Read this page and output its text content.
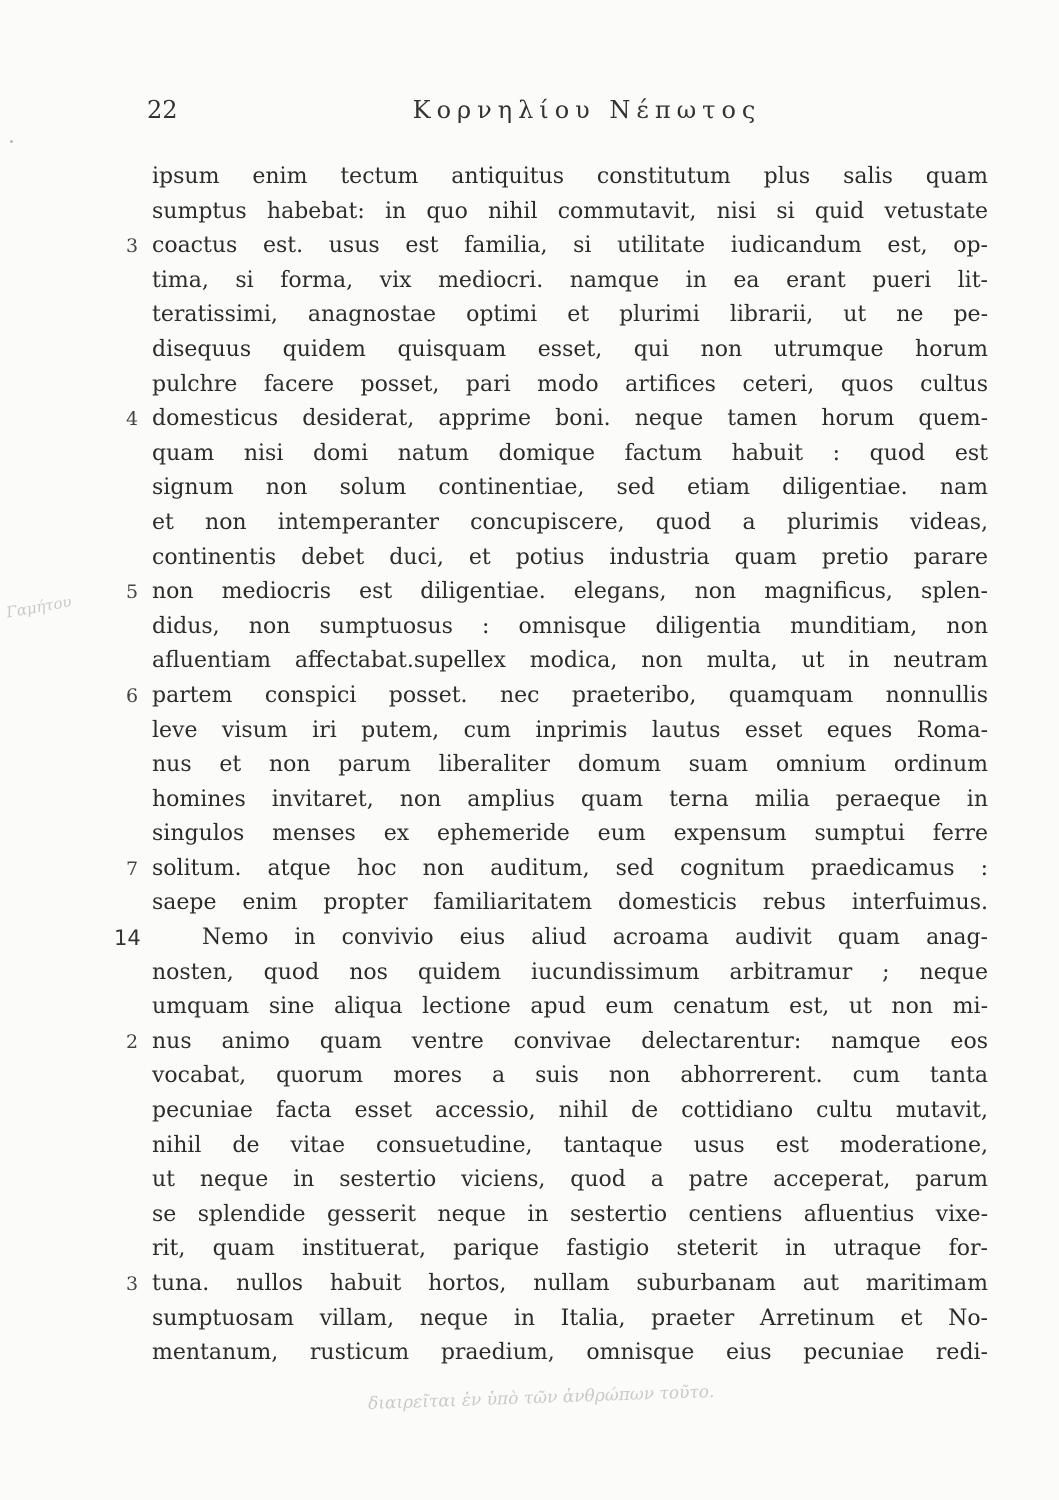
22	Κορνηλίου Νέπωτος
ipsum enim tectum antiquitus constitutum plus salis quam
sumptus habebat: in quo nihil commutavit, nisi si quid vetustate
3 coactus est. usus est familia, si utilitate iudicandum est, op-
tima, si forma, vix mediocri. namque in ea erant pueri lit-
teratissimi, anagnostae optimi et plurimi librarii, ut ne pe-
disequus quidem quisquam esset, qui non utrumque horum
pulchre facere posset, pari modo artifices ceteri, quos cultus
4 domesticus desiderat, apprime boni. neque tamen horum quem-
quam nisi domi natum domique factum habuit : quod est
signum non solum continentiae, sed etiam diligentiae. nam
et non intemperanter concupiscere, quod a plurimis videas,
continentis debet duci, et potius industria quam pretio parare
5 non mediocris est diligentiae. elegans, non magnificus, splen-
didus, non sumptuosus : omnisque diligentia munditiam, non
afluentiam affectabat.supellex modica, non multa, ut in neutram
6 partem conspici posset. nec praeteribo, quamquam nonnullis
leve visum iri putem, cum inprimis lautus esset eques Roma-
nus et non parum liberaliter domum suam omnium ordinum
homines invitaret, non amplius quam terna milia peraeque in
singulos menses ex ephemeride eum expensum sumptui ferre
7 solitum. atque hoc non auditum, sed cognitum praedicamus :
saepe enim propter familiaritatem domesticis rebus interfuimus.
14	Nemo in convivio eius aliud acroama audivit quam anag-
nosten, quod nos quidem iucundissimum arbitramur ; neque
umquam sine aliqua lectione apud eum cenatum est, ut non mi-
2 nus animo quam ventre convivae delectarentur: namque eos
vocabat, quorum mores a suis non abhorrerent. cum tanta
pecuniae facta esset accessio, nihil de cottidiano cultu mutavit,
nihil de vitae consuetudine, tantaque usus est moderatione,
ut neque in sestertio viciens, quod a patre acceperat, parum
se splendide gesserit neque in sestertio centiens afluentius vixe-
rit, quam instituerat, parique fastigio steterit in utraque for-
3 tuna. nullos habuit hortos, nullam suburbanam aut maritimam
sumptuosam villam, neque in Italia, praeter Arretinum et No-
mentanum, rusticum praedium, omnisque eius pecuniae redi-
Γαμήτου
διαιρεῖται ἐν ὑπὸ τῶν ἀνθρώπων τοῦτο.
